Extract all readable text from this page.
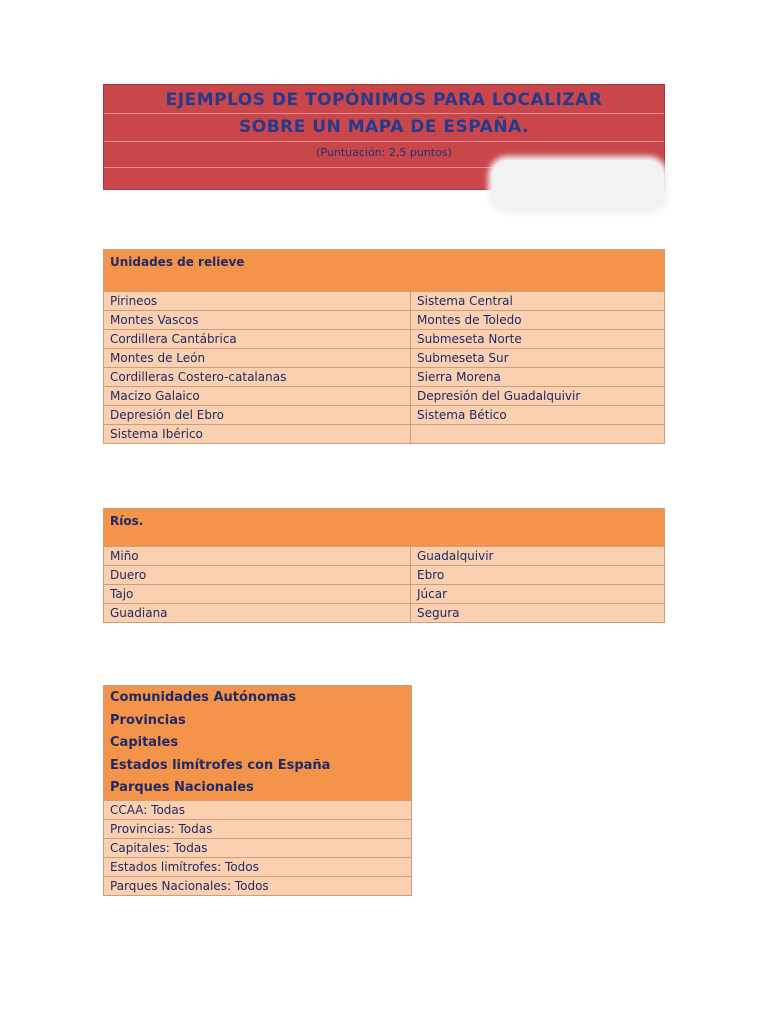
EJEMPLOS DE TOPÓNIMOS PARA LOCALIZAR
SOBRE UN MAPA DE ESPAÑA.
(Puntuación: 2,5 puntos)
Unidades de relieve	
Pirineos	Sistema Central
Montes Vascos	Montes de Toledo
Cordillera Cantábrica	Submeseta Norte
Montes de León	Submeseta Sur
Cordilleras Costero-catalanas	Sierra Morena
Macizo Galaico	Depresión del Guadalquivir
Depresión del Ebro	Sistema Bético
Sistema Ibérico	
Ríos.	
Miño	Guadalquivir
Duero	Ebro
Tajo	Júcar
Guadiana	Segura
Comunidades Autónomas
Provincias
Capitales
Estados limítrofes con España
Parques Nacionales

CCAA: Todas
Provincias: Todas
Capitales: Todas
Estados limítrofes: Todos
Parques Nacionales: Todos
